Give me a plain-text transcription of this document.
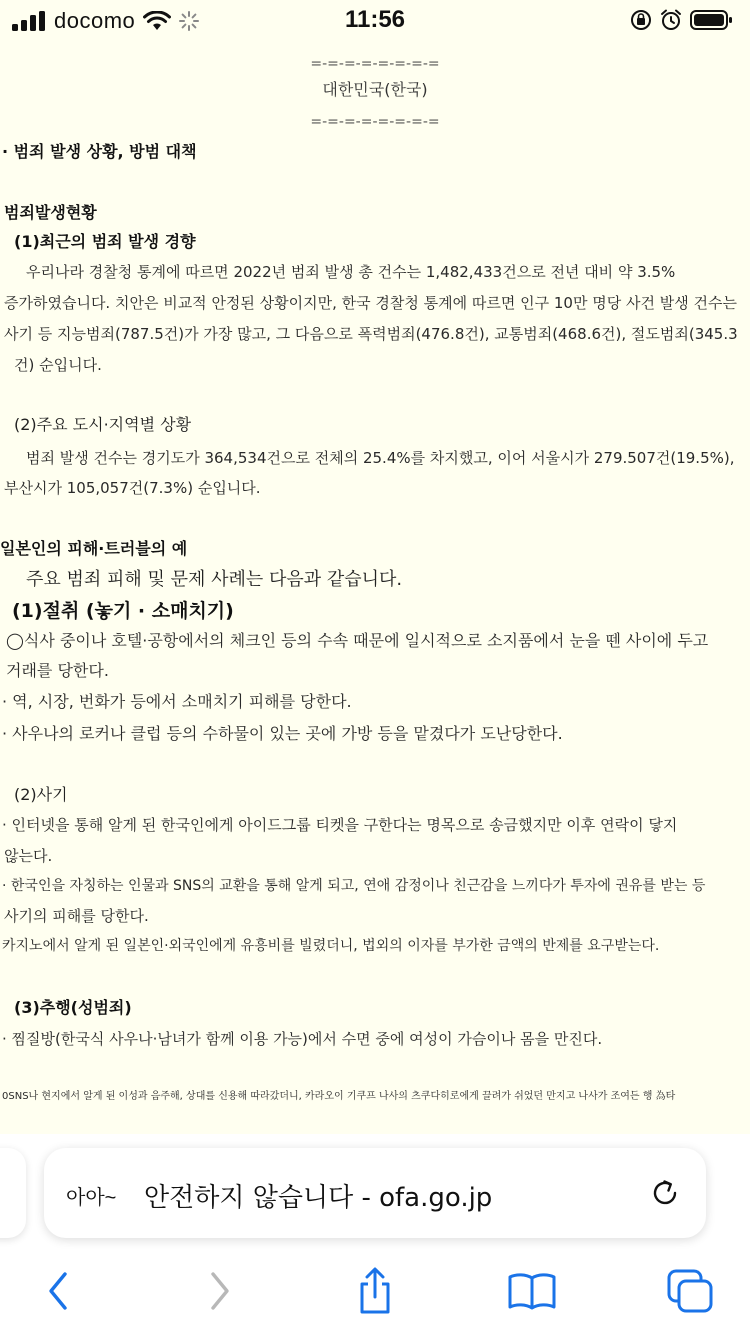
docomo	11:56
=-=-=-=-=-=-=-=
대한민국(한국)
=-=-=-=-=-=-=-=
· 범죄 발생 상황, 방범 대책
범죄발생현황
(1)최근의 범죄 발생 경향
우리나라 경찰청 통계에 따르면 2022년 범죄 발생 총 건수는 1,482,433건으로 전년 대비 약 3.5%
증가하였습니다. 치안은 비교적 안정된 상황이지만, 한국 경찰청 통계에 따르면 인구 10만 명당 사건 발생 건수는
사기 등 지능범죄(787.5건)가 가장 많고, 그 다음으로 폭력범죄(476.8건), 교통범죄(468.6건), 절도범죄(345.3
건) 순입니다.
(2)주요 도시·지역별 상황
범죄 발생 건수는 경기도가 364,534건으로 전체의 25.4%를 차지했고, 이어 서울시가 279.507건(19.5%),
부산시가 105,057건(7.3%) 순입니다.
일본인의 피해·트러블의 예
주요 범죄 피해 및 문제 사례는 다음과 같습니다.
(1)절취 (놓기 · 소매치기)
◯식사 중이나 호텔·공항에서의 체크인 등의 수속 때문에 일시적으로 소지품에서 눈을 뗀 사이에 두고
거래를 당한다.
· 역, 시장, 번화가 등에서 소매치기 피해를 당한다.
· 사우나의 로커나 클럽 등의 수하물이 있는 곳에 가방 등을 맡겼다가 도난당한다.
(2)사기
· 인터넷을 통해 알게 된 한국인에게 아이드그룹 티켓을 구한다는 명목으로 송금했지만 이후 연락이 닿지
않는다.
· 한국인을 자칭하는 인물과 SNS의 교환을 통해 알게 되고, 연애 감정이나 친근감을 느끼다가 투자에 권유를 받는 등
사기의 피해를 당한다.
카지노에서 알게 된 일본인·외국인에게 유흥비를 빌렸더니, 법외의 이자를 부가한 금액의 반제를 요구받는다.
(3)추행(성범죄)
· 찜질방(한국식 사우나·남녀가 함께 이용 가능)에서 수면 중에 여성이 가슴이나 몸을 만진다.
0SNS나 현지에서 알게 된 이성과 음주해, 상대를 신용해 따라갔더니, 카라오이 기쿠프 나사의 츠쿠다히로에게 끌려가 쉬었던 만지고 나사가 조여든 행 為타
아아~ 안전하지 않습니다 - ofa.go.jp
